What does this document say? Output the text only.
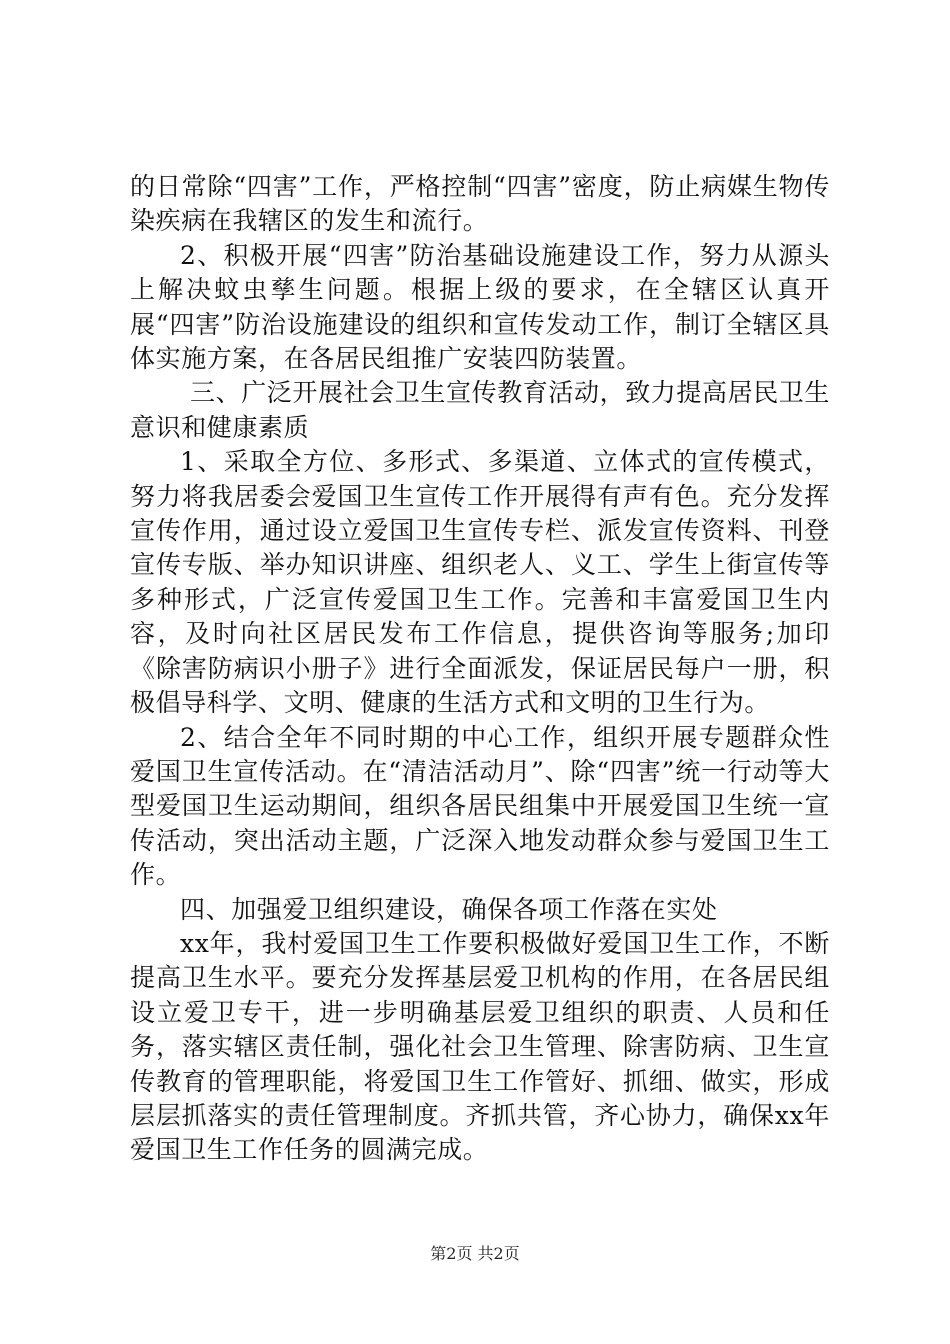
的日常除“四害”工作，严格控制“四害”密度，防止病媒生物传染疾病在我辖区的发生和流行。

2、积极开展“四害”防治基础设施建设工作，努力从源头上解决蚊虫孳生问题。根据上级的要求，在全辖区认真开展“四害”防治设施建设的组织和宣传发动工作，制订全辖区具体实施方案，在各居民组推广安装四防装置。

三、广泛开展社会卫生宣传教育活动，致力提高居民卫生意识和健康素质

1、采取全方位、多形式、多渠道、立体式的宣传模式，努力将我居委会爱国卫生宣传工作开展得有声有色。充分发挥宣传作用，通过设立爱国卫生宣传专栏、派发宣传资料、刊登宣传专版、举办知识讲座、组织老人、义工、学生上街宣传等多种形式，广泛宣传爱国卫生工作。完善和丰富爱国卫生内容，及时向社区居民发布工作信息，提供咨询等服务;加印《除害防病识小册子》进行全面派发，保证居民每户一册，积极倡导科学、文明、健康的生活方式和文明的卫生行为。

2、结合全年不同时期的中心工作，组织开展专题群众性爱国卫生宣传活动。在“清洁活动月”、除“四害”统一行动等大型爱国卫生运动期间，组织各居民组集中开展爱国卫生统一宣传活动，突出活动主题，广泛深入地发动群众参与爱国卫生工作。

四、加强爱卫组织建设，确保各项工作落在实处

xx年，我村爱国卫生工作要积极做好爱国卫生工作，不断提高卫生水平。要充分发挥基层爱卫机构的作用，在各居民组设立爱卫专干，进一步明确基层爱卫组织的职责、人员和任务，落实辖区责任制，强化社会卫生管理、除害防病、卫生宣传教育的管理职能，将爱国卫生工作管好、抓细、做实，形成层层抓落实的责任管理制度。齐抓共管，齐心协力，确保xx年爱国卫生工作任务的圆满完成。

第2页 共2页
